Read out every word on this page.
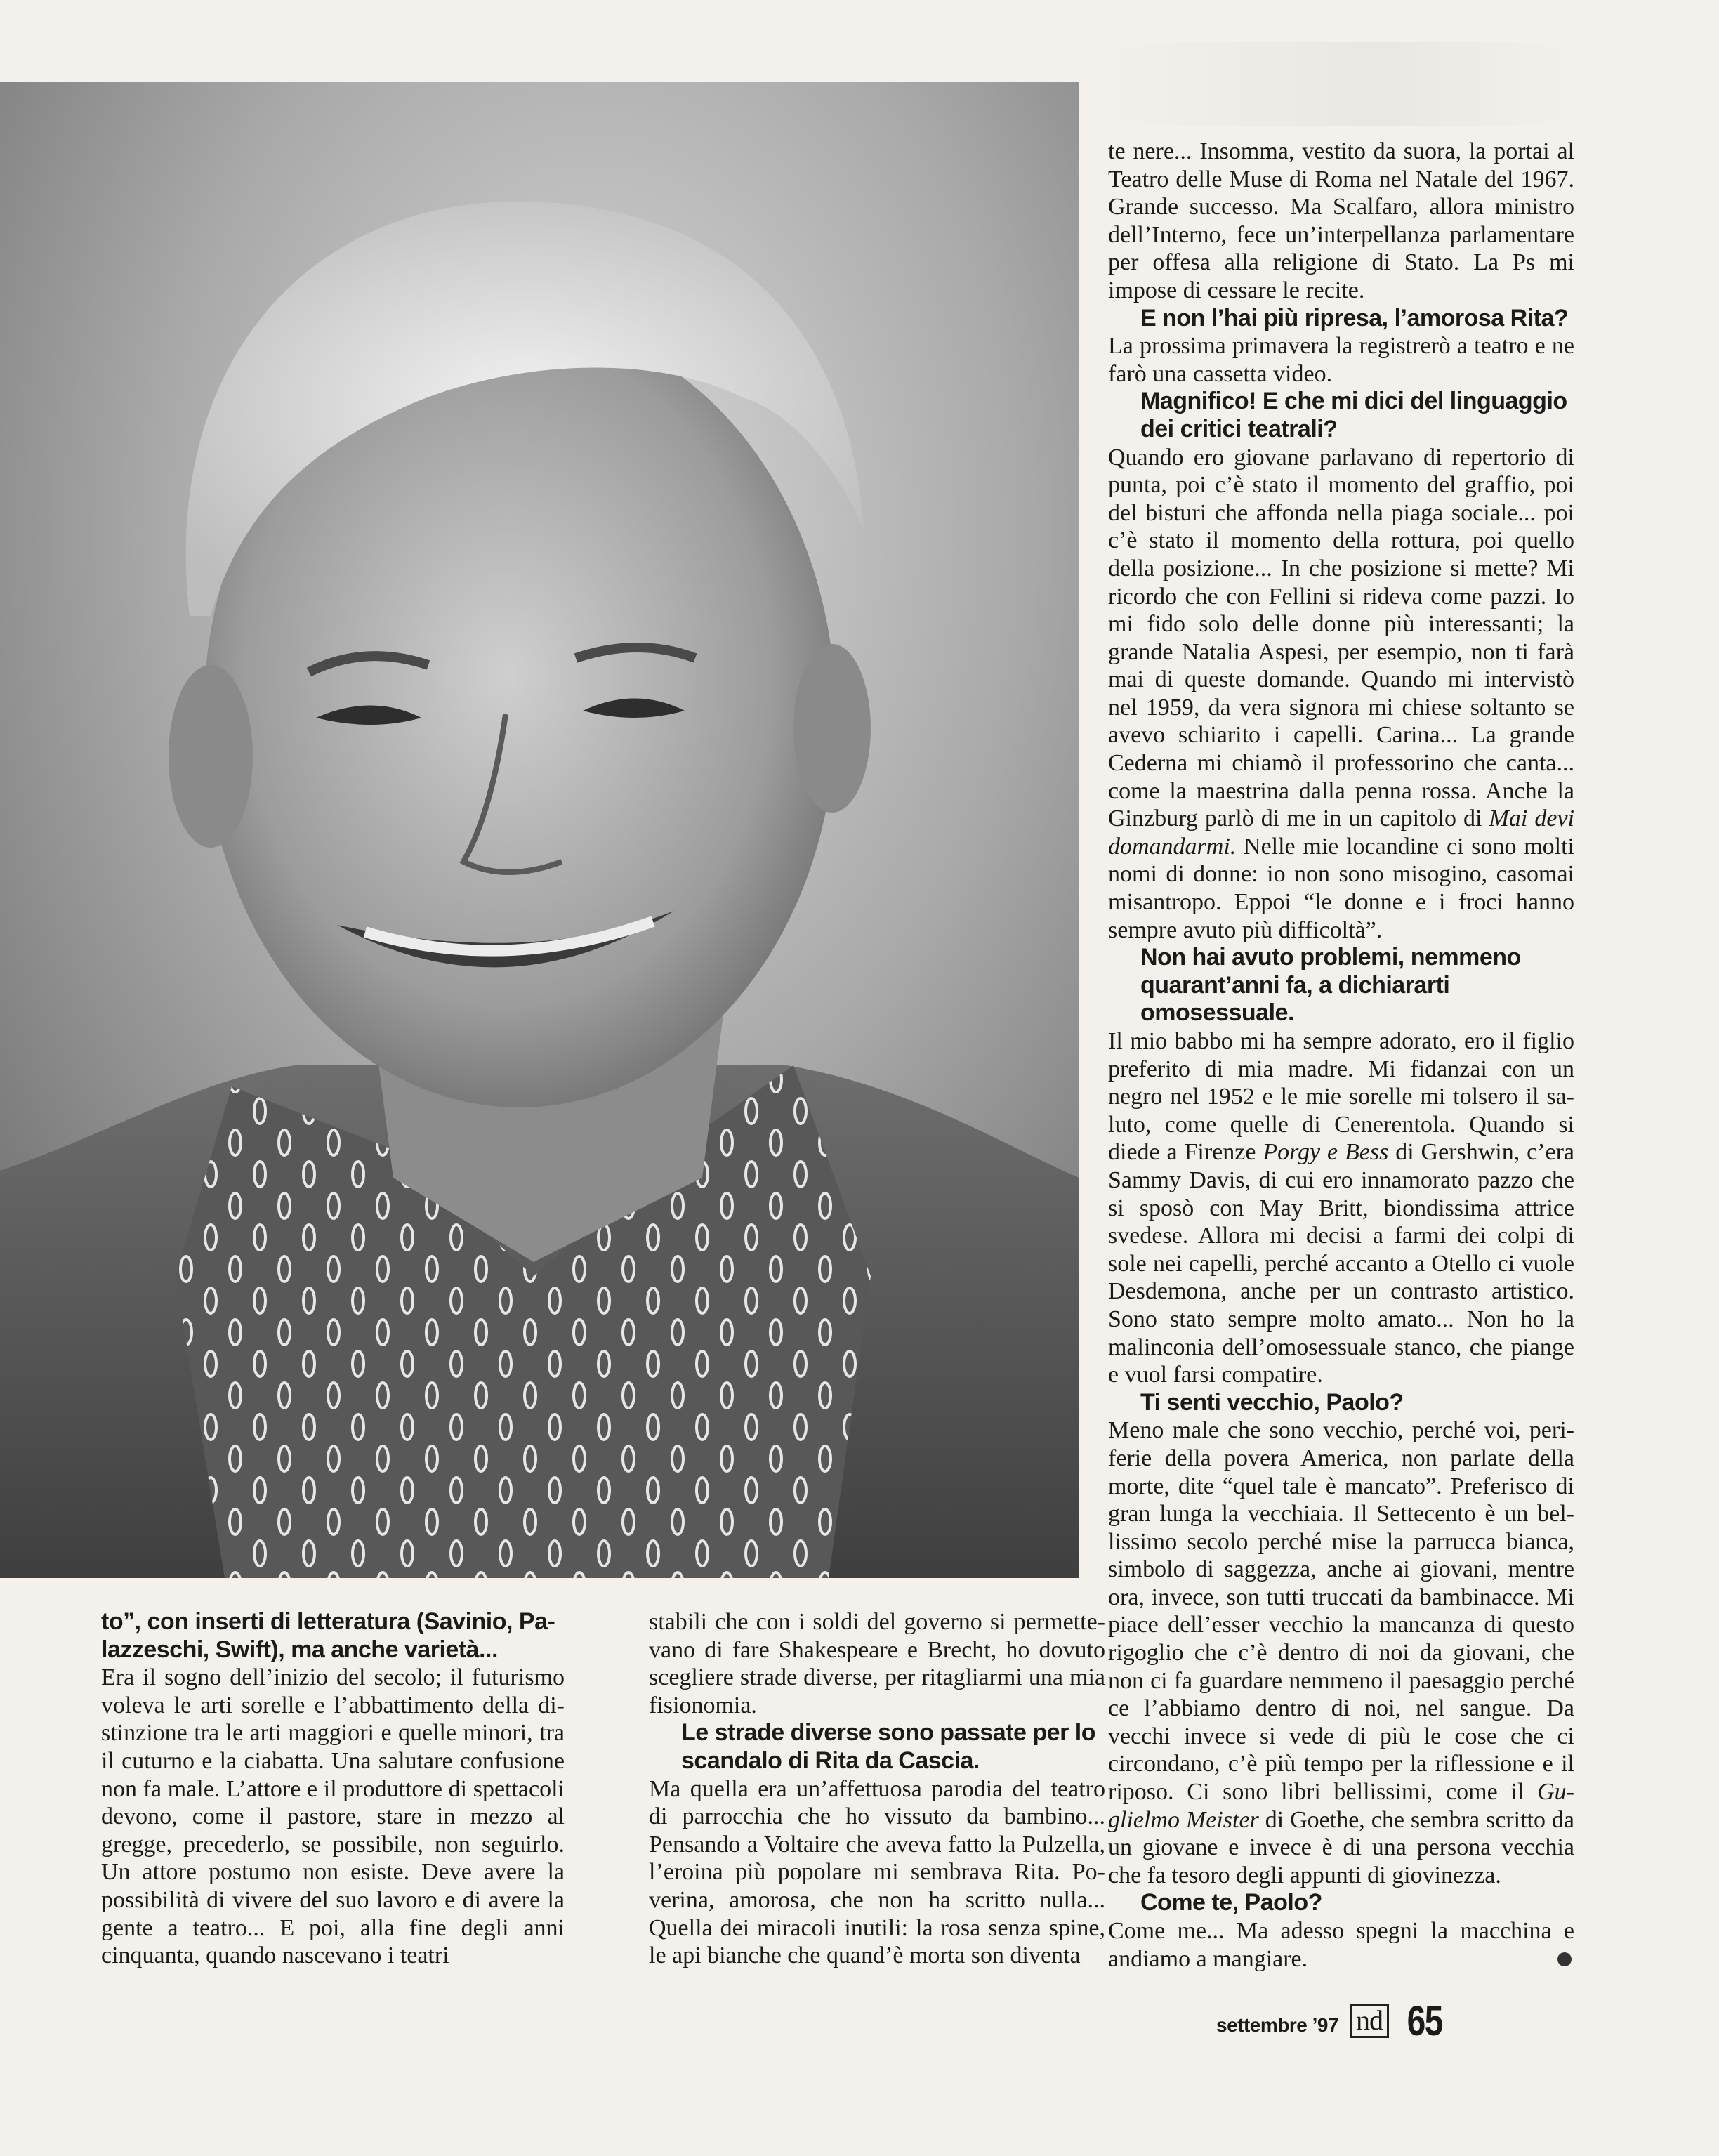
te nere... Insomma, vestito da suora, la portai al Teatro delle Muse di Roma nel Natale del 1967. Grande successo. Ma Scalfaro, allora ministro dell’Interno, fece un’interpellanza parlamentare per offesa alla religione di Stato. La Ps mi impose di cessare le recite.

E non l’hai più ripresa, l’amorosa Rita?

La prossima primavera la registrerò a teatro e ne farò una cassetta video.

Magnifico! E che mi dici del linguaggio dei critici teatrali?

Quando ero giovane parlavano di repertorio di punta, poi c’è stato il momento del graffio, poi del bisturi che affonda nella piaga sociale... poi c’è stato il momento della rottura, poi quello della posizione... In che posizione si mette? Mi ricordo che con Fellini si rideva come pazzi. Io mi fido solo delle donne più interessanti; la grande Natalia Aspesi, per esempio, non ti farà mai di queste domande. Quando mi intervistò nel 1959, da vera signora mi chiese soltanto se avevo schiarito i capelli. Carina... La grande Cederna mi chiamò il professorino che canta... come la maestrina dalla penna rossa. Anche la Ginzburg parlò di me in un capitolo di Mai devi domandarmi. Nelle mie locandine ci sono molti nomi di donne: io non sono misogino, casomai misantropo. Eppoi “le donne e i froci hanno sempre avuto più difficoltà”.

Non hai avuto problemi, nemmeno quarant’anni fa, a dichiararti omosessuale.

Il mio babbo mi ha sempre adorato, ero il figlio preferito di mia madre. Mi fidanzai con un negro nel 1952 e le mie sorelle mi tolsero il saluto, come quelle di Cenerentola. Quando si diede a Firenze Porgy e Bess di Gershwin, c’era Sammy Davis, di cui ero innamorato pazzo che si sposò con May Britt, biondissima attrice svedese. Allora mi decisi a farmi dei colpi di sole nei capelli, perché accanto a Otello ci vuole Desdemona, anche per un contrasto artistico. Sono stato sempre molto amato... Non ho la malinconia dell’omosessuale stanco, che piange e vuol farsi compatire.

Ti senti vecchio, Paolo?

Meno male che sono vecchio, perché voi, periferie della povera America, non parlate della morte, dite “quel tale è mancato”. Preferisco di gran lunga la vecchiaia. Il Settecento è un bellissimo secolo perché mise la parrucca bianca, simbolo di saggezza, anche ai giovani, mentre ora, invece, son tutti truccati da bambinacce. Mi piace dell’esser vecchio la mancanza di questo rigoglio che c’è dentro di noi da giovani, che non ci fa guardare nemmeno il paesaggio perché ce l’abbiamo dentro di noi, nel sangue. Da vecchi invece si vede di più le cose che ci circondano, c’è più tempo per la riflessione e il riposo. Ci sono libri bellissimi, come il Guglielmo Meister di Goethe, che sembra scritto da un giovane e invece è di una persona vecchia che fa tesoro degli appunti di giovinezza.

Come te, Paolo?

Come me... Ma adesso spegni la macchina e andiamo a mangiare.

to”, con inserti di letteratura (Savinio, Palazzeschi, Swift), ma anche varietà...

Era il sogno dell’inizio del secolo; il futurismo voleva le arti sorelle e l’abbattimento della distinzione tra le arti maggiori e quelle minori, tra il cuturno e la ciabatta. Una salutare confusione non fa male. L’attore e il produttore di spettacoli devono, come il pastore, stare in mezzo al gregge, precederlo, se possibile, non seguirlo. Un attore postumo non esiste. Deve avere la possibilità di vivere del suo lavoro e di avere la gente a teatro... E poi, alla fine degli anni cinquanta, quando nascevano i teatri

stabili che con i soldi del governo si permettevano di fare Shakespeare e Brecht, ho dovuto scegliere strade diverse, per ritagliarmi una mia fisionomia.

Le strade diverse sono passate per lo scandalo di Rita da Cascia.

Ma quella era un’affettuosa parodia del teatro di parrocchia che ho vissuto da bambino... Pensando a Voltaire che aveva fatto la Pulzella, l’eroina più popolare mi sembrava Rita. Poverina, amorosa, che non ha scritto nulla... Quella dei miracoli inutili: la rosa senza spine, le api bianche che quand’è morta son diventa

settembre ’97 nd 65
